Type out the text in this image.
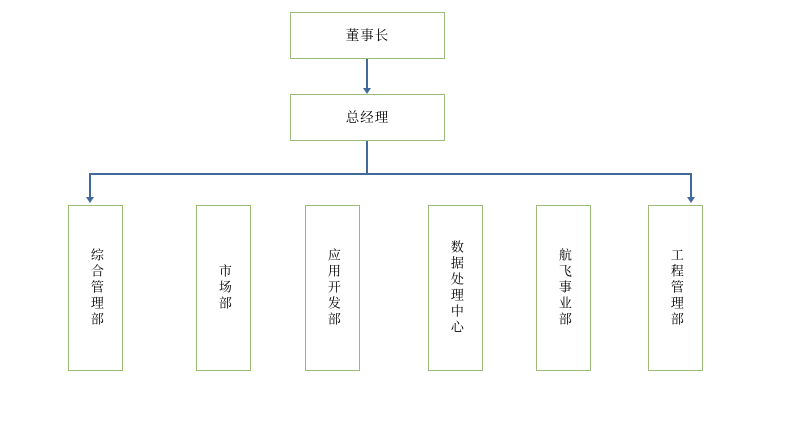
董事长
总经理
综合管理部	市场部	应用开发部	数据处理中心	航飞事业部	工程管理部
